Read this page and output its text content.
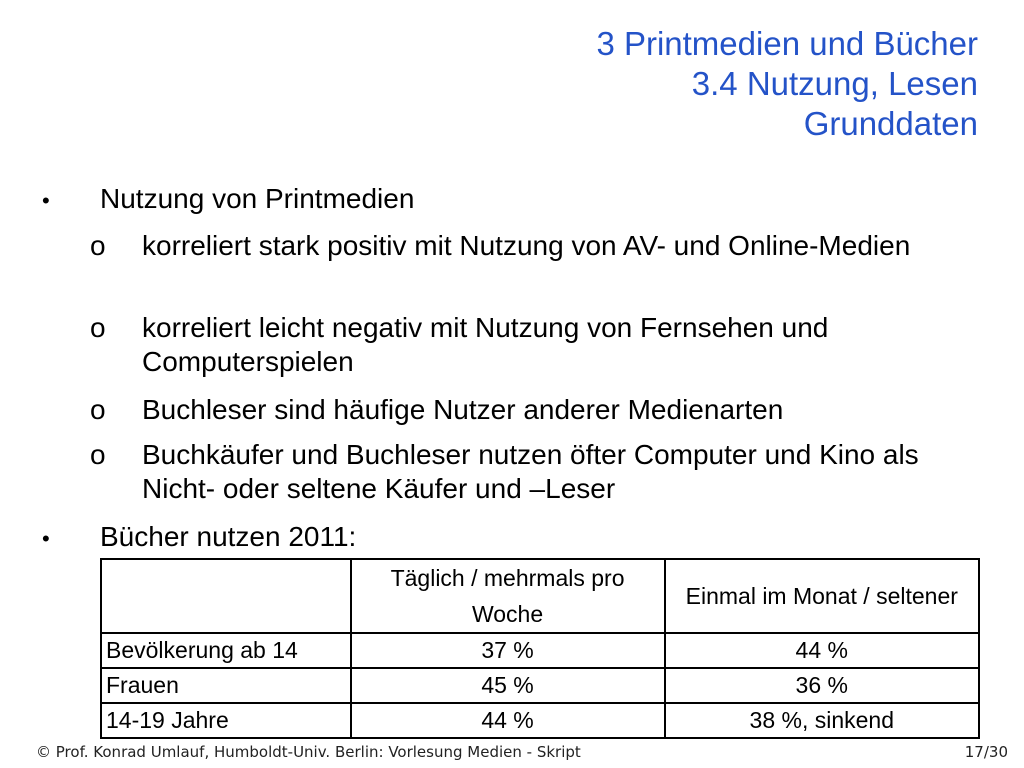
3 Printmedien und Bücher
3.4 Nutzung, Lesen
Grunddaten
• Nutzung von Printmedien
o korreliert stark positiv mit Nutzung von AV- und Online-Medien
o korreliert leicht negativ mit Nutzung von Fernsehen und Computerspielen
o Buchleser sind häufige Nutzer anderer Medienarten
o Buchkäufer und Buchleser nutzen öfter Computer und Kino als Nicht- oder seltene Käufer und –Leser
• Bücher nutzen 2011:
	Täglich / mehrmals pro Woche	Einmal im Monat / seltener
Bevölkerung ab 14	37 %	44 %
Frauen	45 %	36 %
14-19 Jahre	44 %	38 %, sinkend
© Prof. Konrad Umlauf, Humboldt-Univ. Berlin: Vorlesung Medien - Skript	17/30
